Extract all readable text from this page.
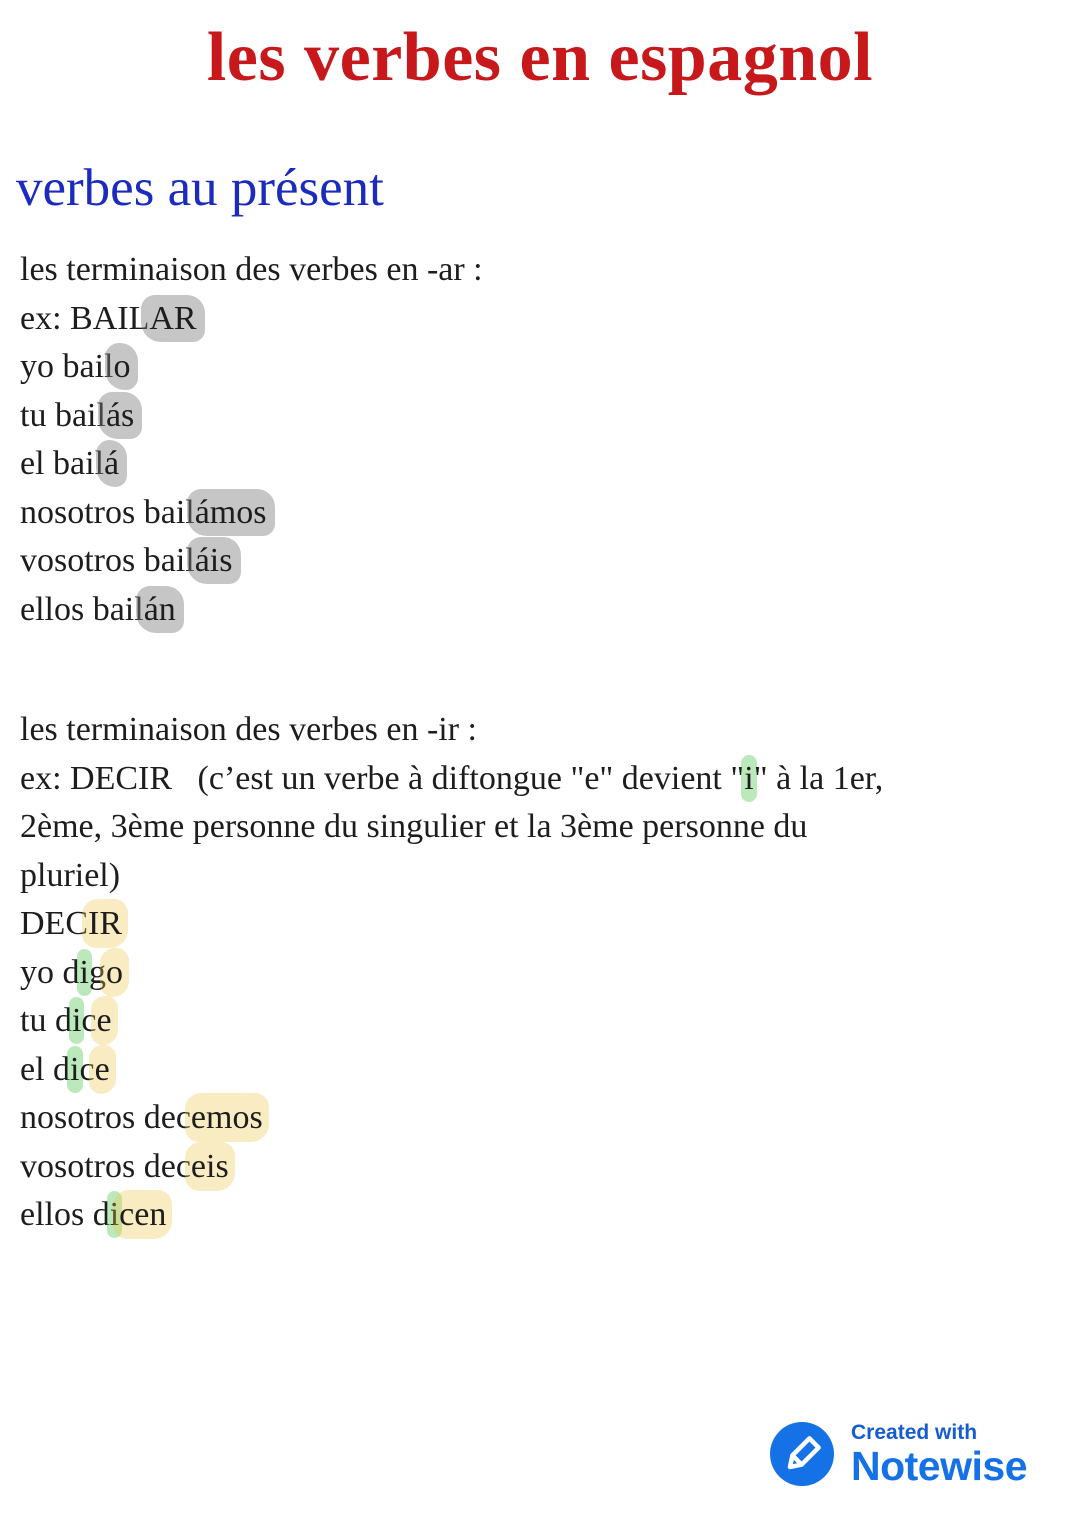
les verbes en espagnol
verbes au présent
les terminaison des verbes en -ar :
ex: BAILAR
yo bailo
tu bailás
el bailá
nosotros bailámos
vosotros bailáis
ellos bailán
les terminaison des verbes en -ir :
ex: DECIR   (c’est un verbe à diftongue "e" devient "i" à la 1er,
2ème, 3ème personne du singulier et la 3ème personne du
pluriel)
DECIR
yo digo
tu dice
el dice
nosotros decemos
vosotros deceis
ellos dicen
Created with
Notewise
